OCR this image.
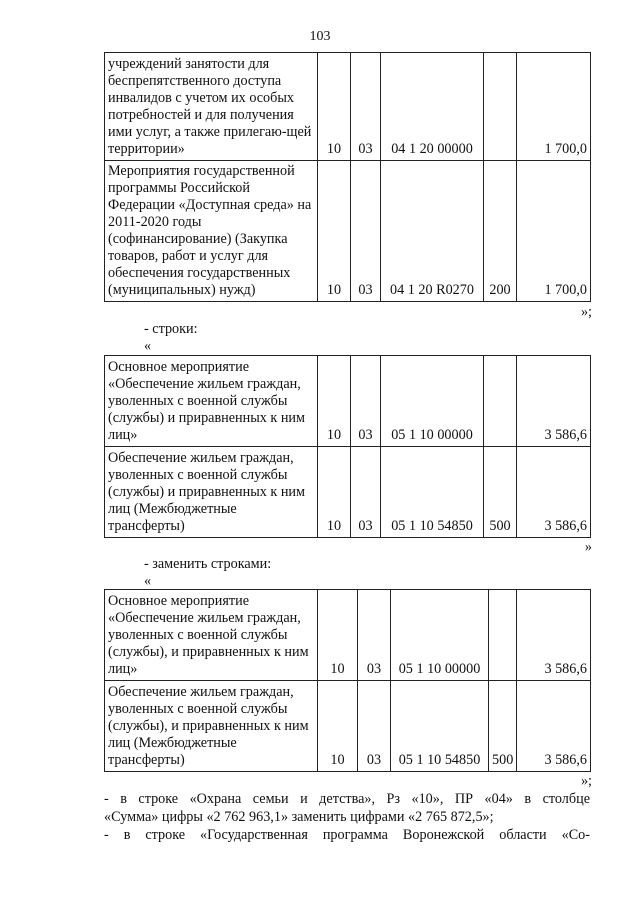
103
учреждений занятости для беспрепятственного доступа инвалидов с учетом их особых потребностей и для получения ими услуг, а также прилегаю-щей территории»	10	03	04 1 20 00000		1 700,0
Мероприятия государственной программы Российской Федерации «Доступная среда» на 2011-2020 годы (софинансирование) (Закупка товаров, работ и услуг для обеспечения государственных (муниципальных) нужд)	10	03	04 1 20 R0270	200	1 700,0
»;
- строки:
«
Основное мероприятие «Обеспечение жильем граждан, уволенных с военной службы (службы) и приравненных к ним лиц»	10	03	05 1 10 00000		3 586,6
Обеспечение жильем граждан, уволенных с военной службы (службы) и приравненных к ним лиц (Межбюджетные трансферты)	10	03	05 1 10 54850	500	3 586,6
»
- заменить строками:
«
Основное мероприятие «Обеспечение жильем граждан, уволенных с военной службы (службы), и приравненных к ним лиц»	10	03	05 1 10 00000		3 586,6
Обеспечение жильем граждан, уволенных с военной службы (службы), и приравненных к ним лиц (Межбюджетные трансферты)	10	03	05 1 10 54850	500	3 586,6
»;
- в строке «Охрана семьи и детства», Рз «10», ПР «04» в столбце
«Сумма» цифры «2 762 963,1» заменить цифрами «2 765 872,5»;
- в строке «Государственная программа Воронежской области «Со-
